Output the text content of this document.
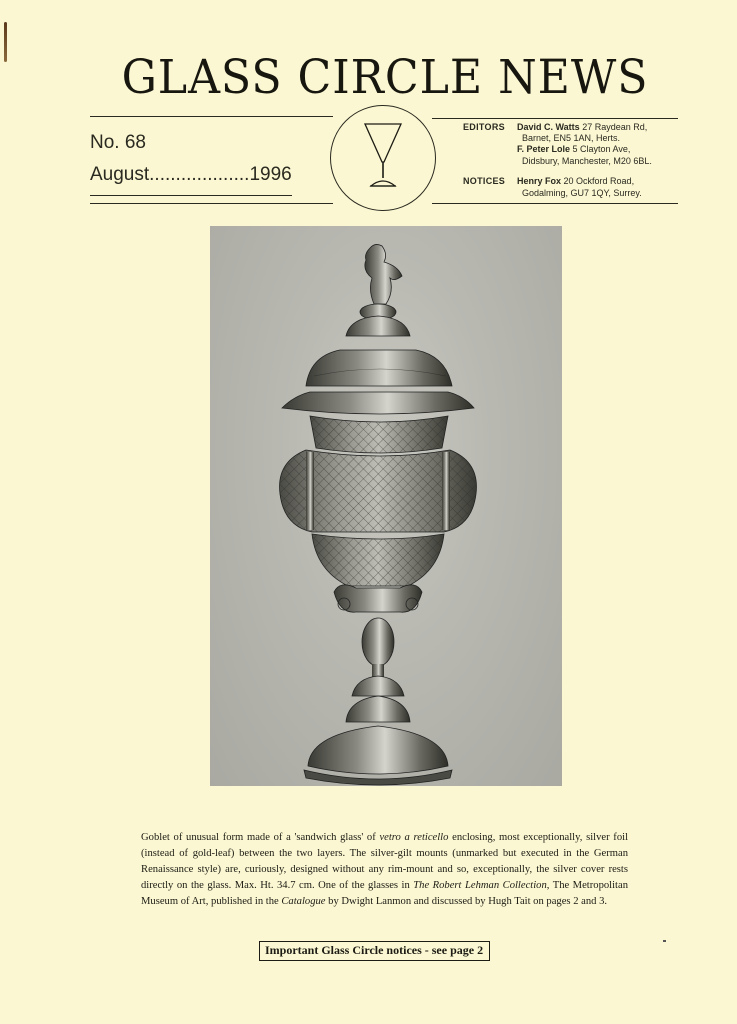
GLASS CIRCLE NEWS
No. 68
August...................1996
EDITORS	David C. Watts 27 Raydean Rd,
Barnet, EN5 1AN, Herts.
F. Peter Lole 5 Clayton Ave,
Didsbury, Manchester, M20 6BL.
NOTICES	Henry Fox 20 Ockford Road,
Godalming, GU7 1QY, Surrey.

Goblet of unusual form made of a 'sandwich glass' of vetro a reticello enclosing, most exceptionally, silver foil (instead of gold-leaf) between the two layers. The silver-gilt mounts (unmarked but executed in the German Renaissance style) are, curiously, designed without any rim-mount and so, exceptionally, the silver cover rests directly on the glass. Max. Ht. 34.7 cm. One of the glasses in The Robert Lehman Collection, The Metropolitan Museum of Art, published in the Catalogue by Dwight Lanmon and discussed by Hugh Tait on pages 2 and 3.

Important Glass Circle notices - see page 2
